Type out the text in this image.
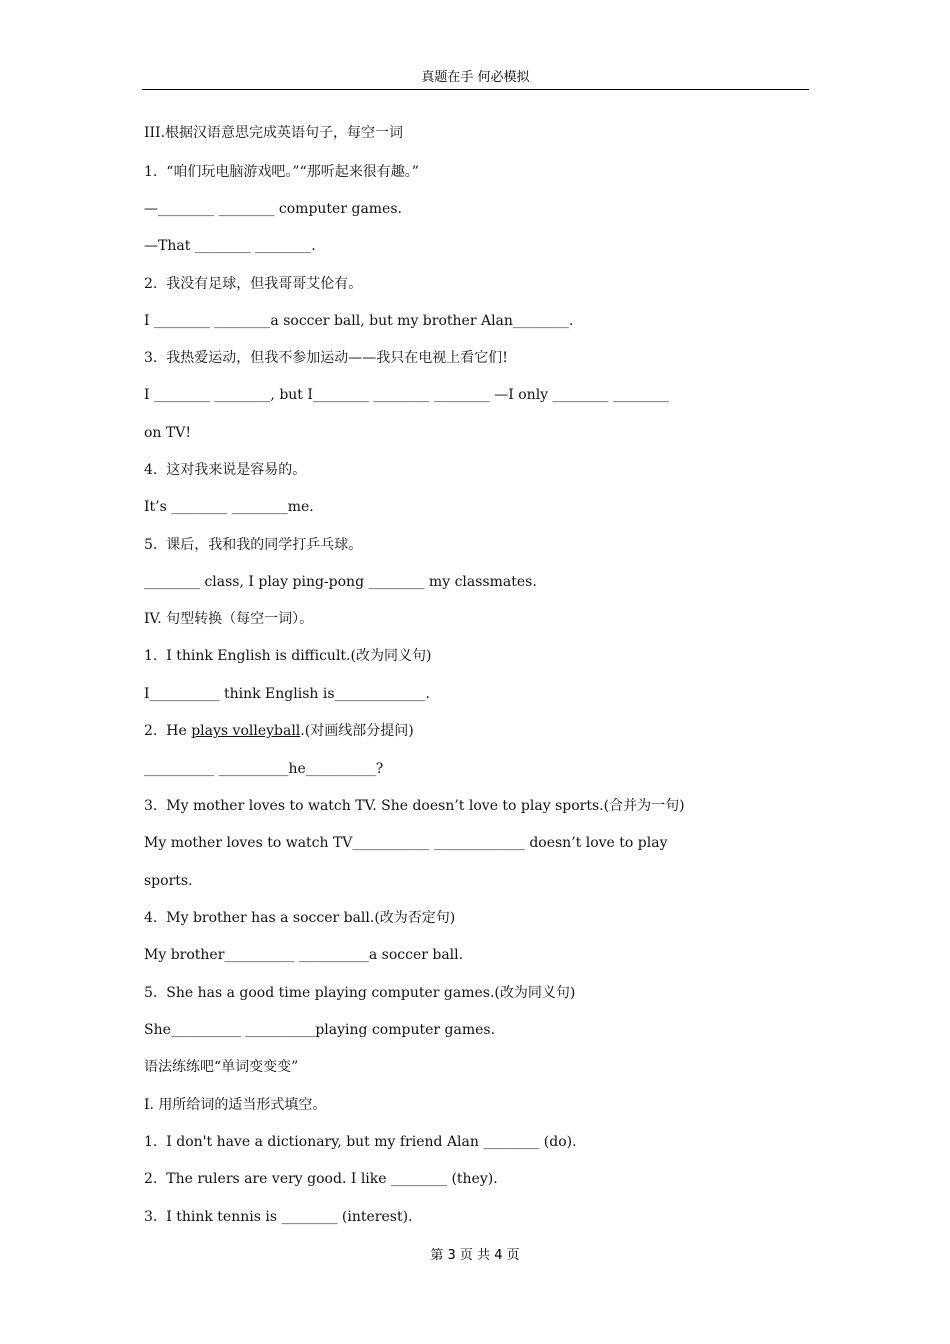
真题在手 何必模拟
III.根据汉语意思完成英语句子，每空一词
1.  “咱们玩电脑游戏吧。”“那听起来很有趣。”
—________ ________ computer games.
—That ________ ________.
2.  我没有足球，但我哥哥艾伦有。
I ________ ________a soccer ball, but my brother Alan________.
3.  我热爱运动，但我不参加运动——我只在电视上看它们!
I ________ ________, but I________ ________ ________ —I only ________ ________
on TV!
4.  这对我来说是容易的。
It’s ________ ________me.
5.  课后，我和我的同学打乒乓球。
________ class, I play ping-pong ________ my classmates.
IV. 句型转换（每空一词）。
1.  I think English is difficult.(改为同义句)
I__________ think English is_____________.
2.  He plays volleyball.(对画线部分提问)
__________ __________he__________?
3.  My mother loves to watch TV. She doesn’t love to play sports.(合并为一句)
My mother loves to watch TV___________ _____________ doesn’t love to play
sports.
4.  My brother has a soccer ball.(改为否定句)
My brother__________ __________a soccer ball.
5.  She has a good time playing computer games.(改为同义句)
She__________ __________playing computer games.
语法练练吧“单词变变变”
I. 用所给词的适当形式填空。
1.  I don't have a dictionary, but my friend Alan ________ (do).
2.  The rulers are very good. I like ________ (they).
3.  I think tennis is ________ (interest).
第 3 页 共 4 页
